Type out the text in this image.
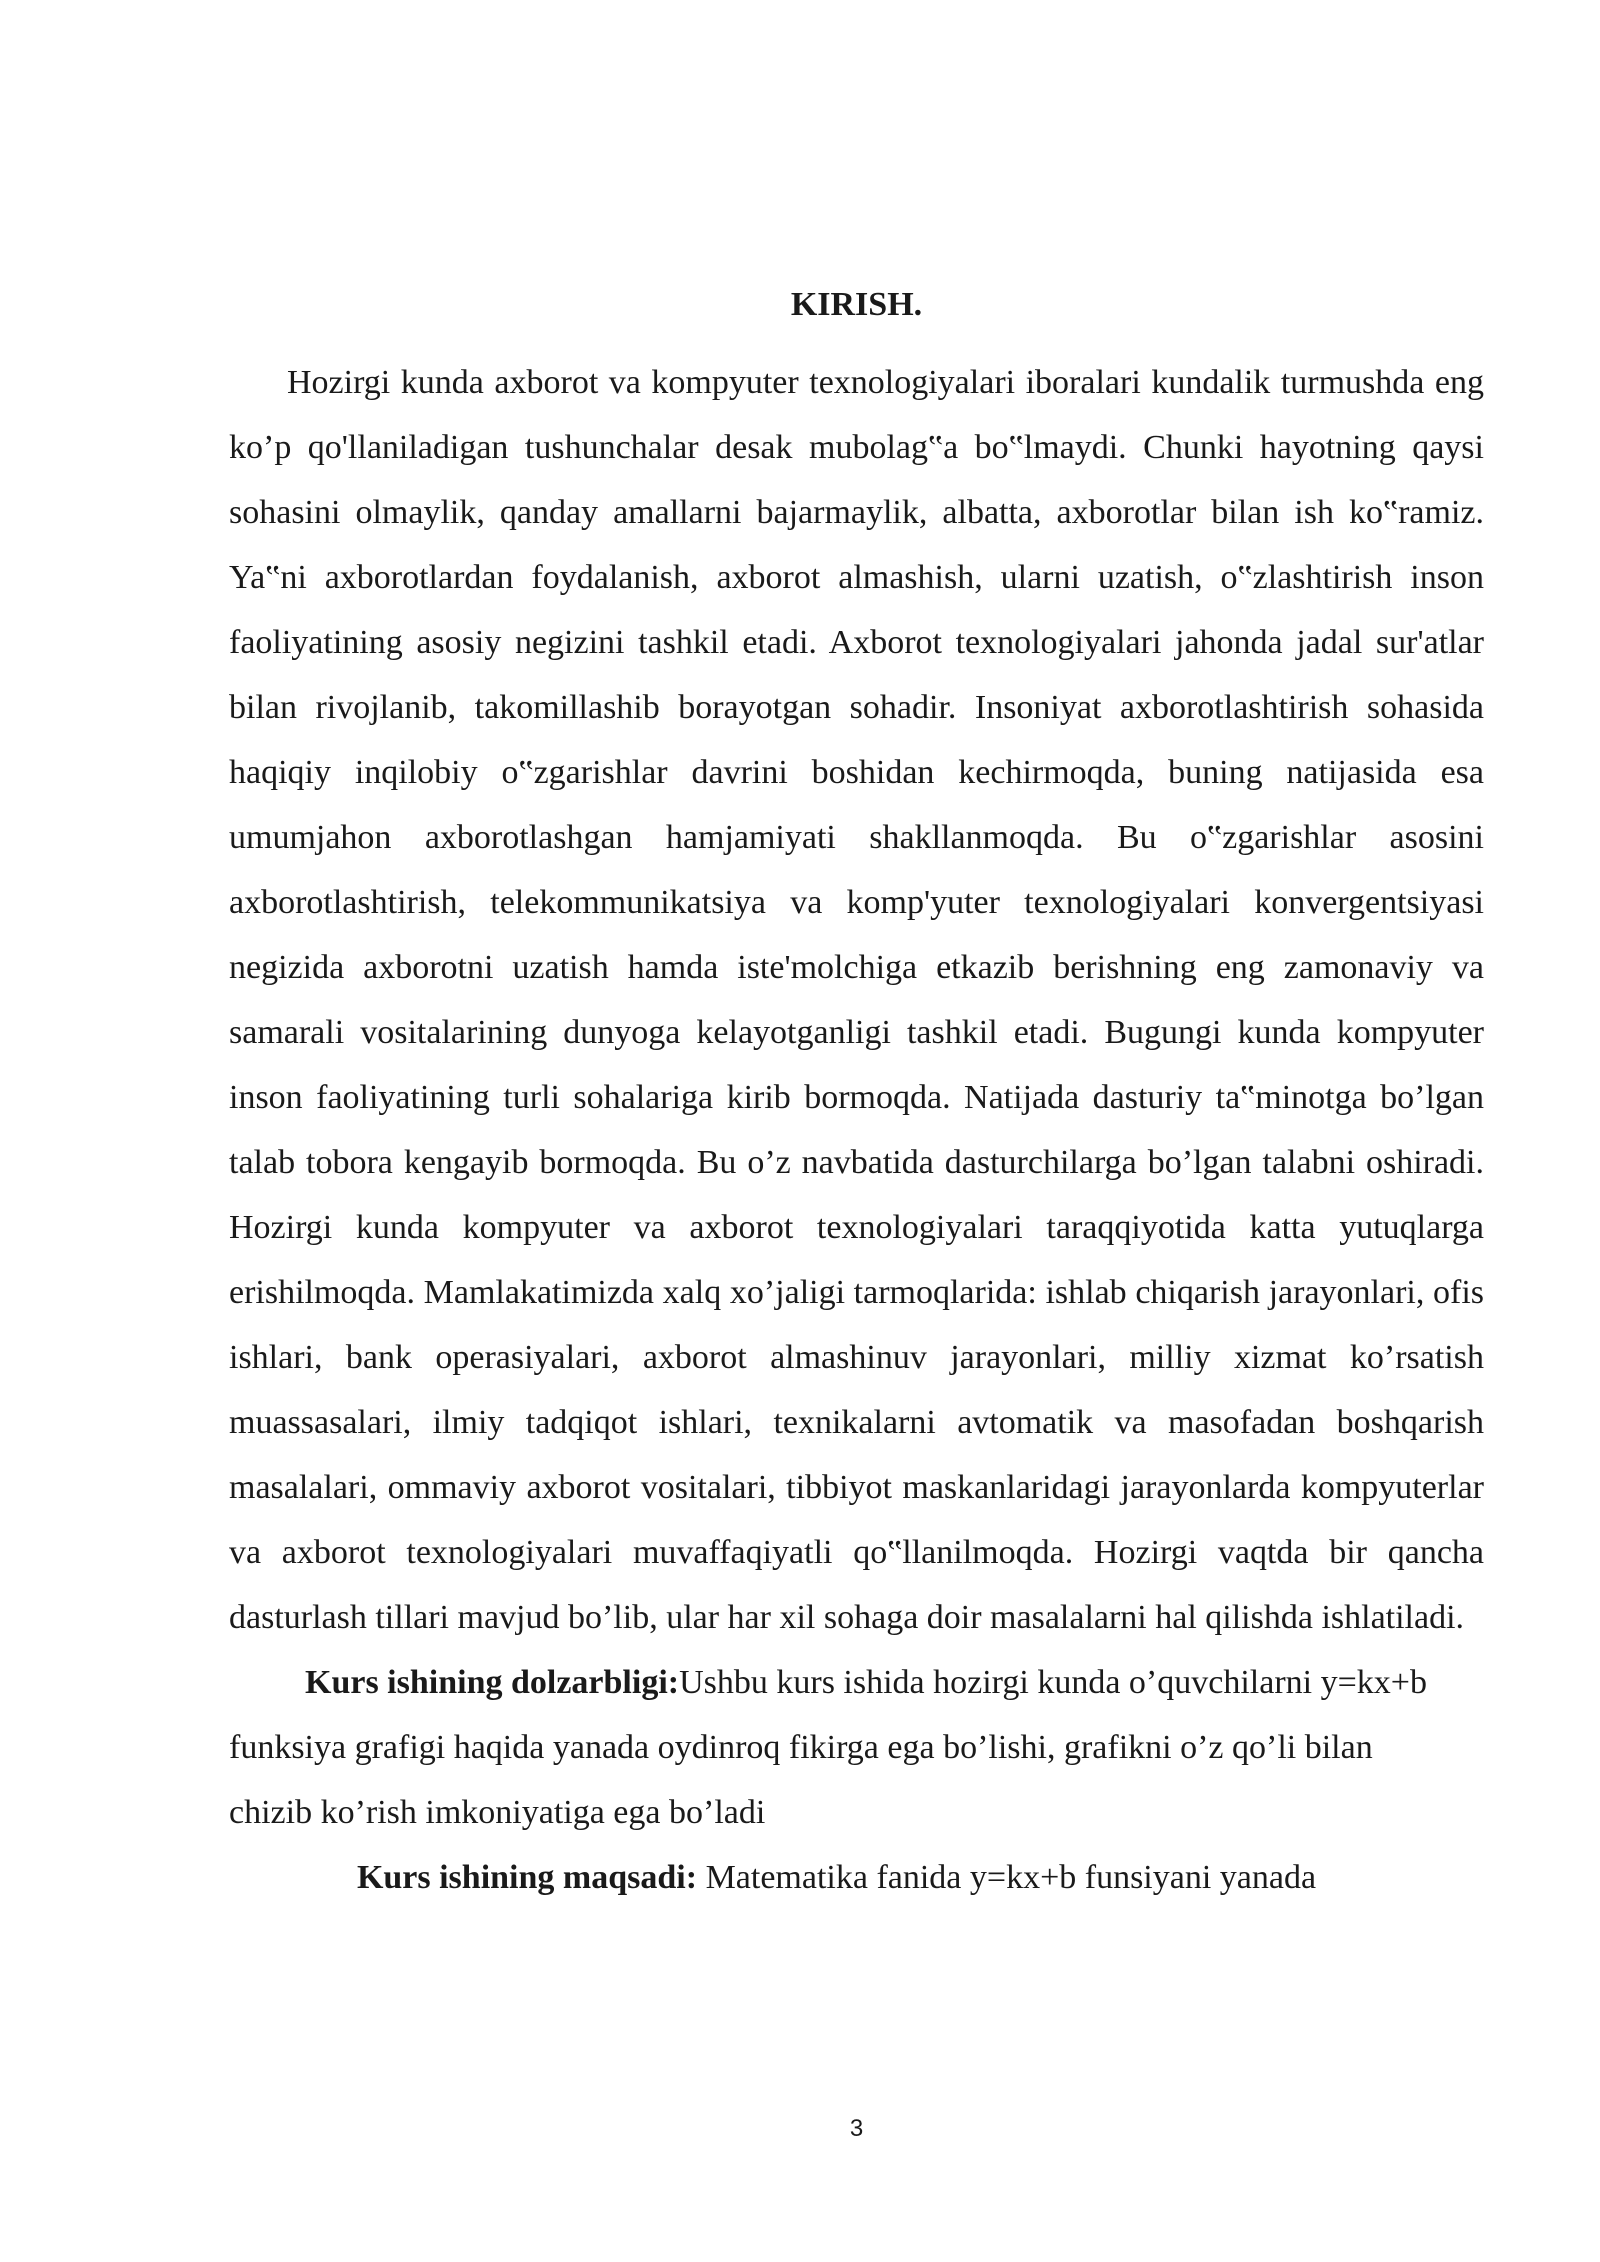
KIRISH.

Hozirgi kunda axborot va kompyuter texnologiyalari iboralari kundalik turmushda eng ko’p qo'llaniladigan tushunchalar desak mubolag‟a bo‟lmaydi. Chunki hayotning qaysi sohasini olmaylik, qanday amallarni bajarmaylik, albatta, axborotlar bilan ish ko‟ramiz. Ya‟ni axborotlardan foydalanish, axborot almashish, ularni uzatish, o‟zlashtirish inson faoliyatining asosiy negizini tashkil etadi. Axborot texnologiyalari jahonda jadal sur'atlar bilan rivojlanib, takomillashib borayotgan sohadir. Insoniyat axborotlashtirish sohasida haqiqiy inqilobiy o‟zgarishlar davrini boshidan kechirmoqda, buning natijasida esa umumjahon axborotlashgan hamjamiyati shakllanmoqda. Bu o‟zgarishlar asosini axborotlashtirish, telekommunikatsiya va komp'yuter texnologiyalari konvergentsiyasi negizida axborotni uzatish hamda iste'molchiga etkazib berishning eng zamonaviy va samarali vositalarining dunyoga kelayotganligi tashkil etadi. Bugungi kunda kompyuter inson faoliyatining turli sohalariga kirib bormoqda. Natijada dasturiy ta‟minotga bo’lgan talab tobora kengayib bormoqda. Bu o’z navbatida dasturchilarga bo’lgan talabni oshiradi. Hozirgi kunda kompyuter va axborot texnologiyalari taraqqiyotida katta yutuqlarga erishilmoqda. Mamlakatimizda xalq xo’jaligi tarmoqlarida: ishlab chiqarish jarayonlari, ofis ishlari, bank operasiyalari, axborot almashinuv jarayonlari, milliy xizmat ko’rsatish muassasalari, ilmiy tadqiqot ishlari, texnikalarni avtomatik va masofadan boshqarish masalalari, ommaviy axborot vositalari, tibbiyot maskanlaridagi jarayonlarda kompyuterlar va axborot texnologiyalari muvaffaqiyatli qo‟llanilmoqda. Hozirgi vaqtda bir qancha dasturlash tillari mavjud bo’lib, ular har xil sohaga doir masalalarni hal qilishda ishlatiladi.

Kurs ishining dolzarbligi:Ushbu kurs ishida hozirgi kunda o’quvchilarni y=kx+b funksiya grafigi haqida yanada oydinroq fikirga ega bo’lishi, grafikni o’z qo’li bilan chizib ko’rish imkoniyatiga ega bo’ladi

Kurs ishining maqsadi: Matematika fanida y=kx+b funsiyani yanada

3
